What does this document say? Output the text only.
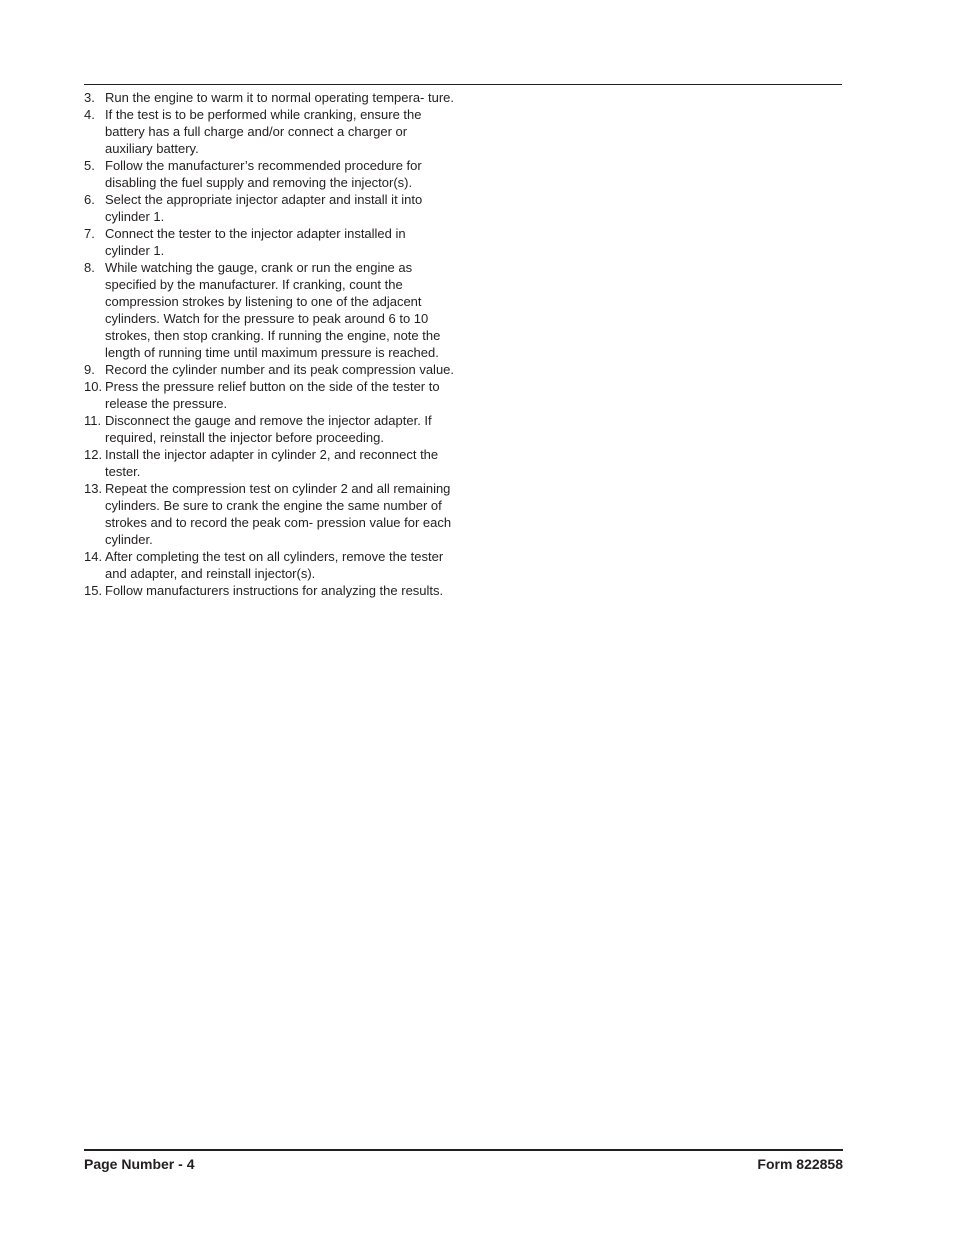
3. Run the engine to warm it to normal operating tempera- ture.
4. If the test is to be performed while cranking, ensure the battery has a full charge and/or connect a charger or auxiliary battery.
5. Follow the manufacturer’s recommended procedure for disabling the fuel supply and removing the injector(s).
6. Select the appropriate injector adapter and install it into cylinder 1.
7. Connect the tester to the injector adapter installed in cylinder 1.
8. While watching the gauge, crank or run the engine as specified by the manufacturer. If cranking, count the compression strokes by listening to one of the adjacent cylinders. Watch for the pressure to peak around 6 to 10 strokes, then stop cranking. If running the engine, note the length of running time until maximum pressure is reached.
9. Record the cylinder number and its peak compression value.
10. Press the pressure relief button on the side of the tester to release the pressure.
11. Disconnect the gauge and remove the injector adapter. If required, reinstall the injector before proceeding.
12. Install the injector adapter in cylinder 2, and reconnect the tester.
13. Repeat the compression test on cylinder 2 and all remaining cylinders. Be sure to crank the engine the same number of strokes and to record the peak com- pression value for each cylinder.
14. After completing the test on all cylinders, remove the tester and adapter, and reinstall injector(s).
15. Follow manufacturers instructions for analyzing the results.
Page Number - 4	Form 822858
